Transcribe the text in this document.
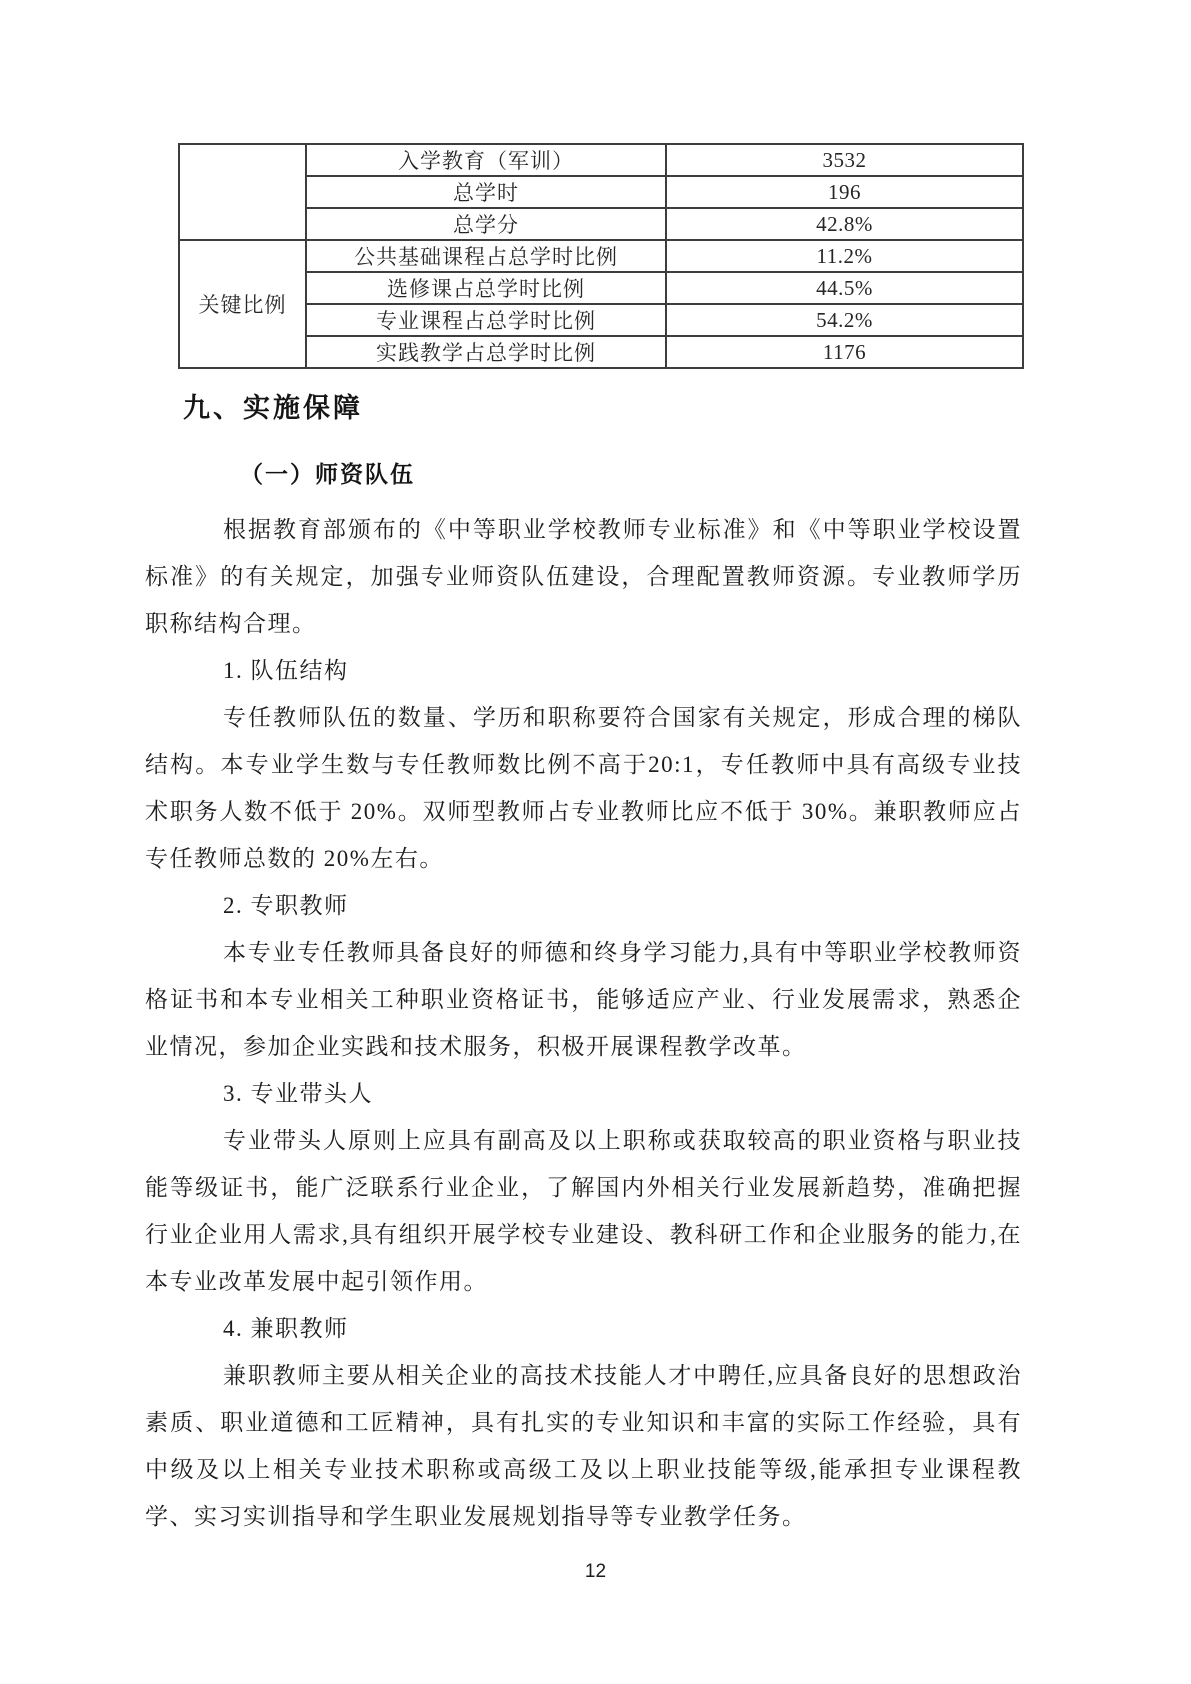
	入学教育（军训）	3532
	总学时	196
	总学分	42.8%
关键比例	公共基础课程占总学时比例	11.2%
	选修课占总学时比例	44.5%
	专业课程占总学时比例	54.2%
	实践教学占总学时比例	1176
九、实施保障
（一）师资队伍

根据教育部颁布的《中等职业学校教师专业标准》和《中等职业学校设置标准》的有关规定，加强专业师资队伍建设，合理配置教师资源。专业教师学历职称结构合理。

1. 队伍结构

专任教师队伍的数量、学历和职称要符合国家有关规定，形成合理的梯队结构。本专业学生数与专任教师数比例不高于20:1，专任教师中具有高级专业技术职务人数不低于 20%。双师型教师占专业教师比应不低于 30%。兼职教师应占专任教师总数的 20%左右。

2. 专职教师

本专业专任教师具备良好的师德和终身学习能力,具有中等职业学校教师资格证书和本专业相关工种职业资格证书，能够适应产业、行业发展需求，熟悉企业情况，参加企业实践和技术服务，积极开展课程教学改革。

3. 专业带头人

专业带头人原则上应具有副高及以上职称或获取较高的职业资格与职业技能等级证书，能广泛联系行业企业，了解国内外相关行业发展新趋势，准确把握行业企业用人需求,具有组织开展学校专业建设、教科研工作和企业服务的能力,在本专业改革发展中起引领作用。

4. 兼职教师

兼职教师主要从相关企业的高技术技能人才中聘任,应具备良好的思想政治素质、职业道德和工匠精神，具有扎实的专业知识和丰富的实际工作经验，具有中级及以上相关专业技术职称或高级工及以上职业技能等级,能承担专业课程教学、实习实训指导和学生职业发展规划指导等专业教学任务。

12
